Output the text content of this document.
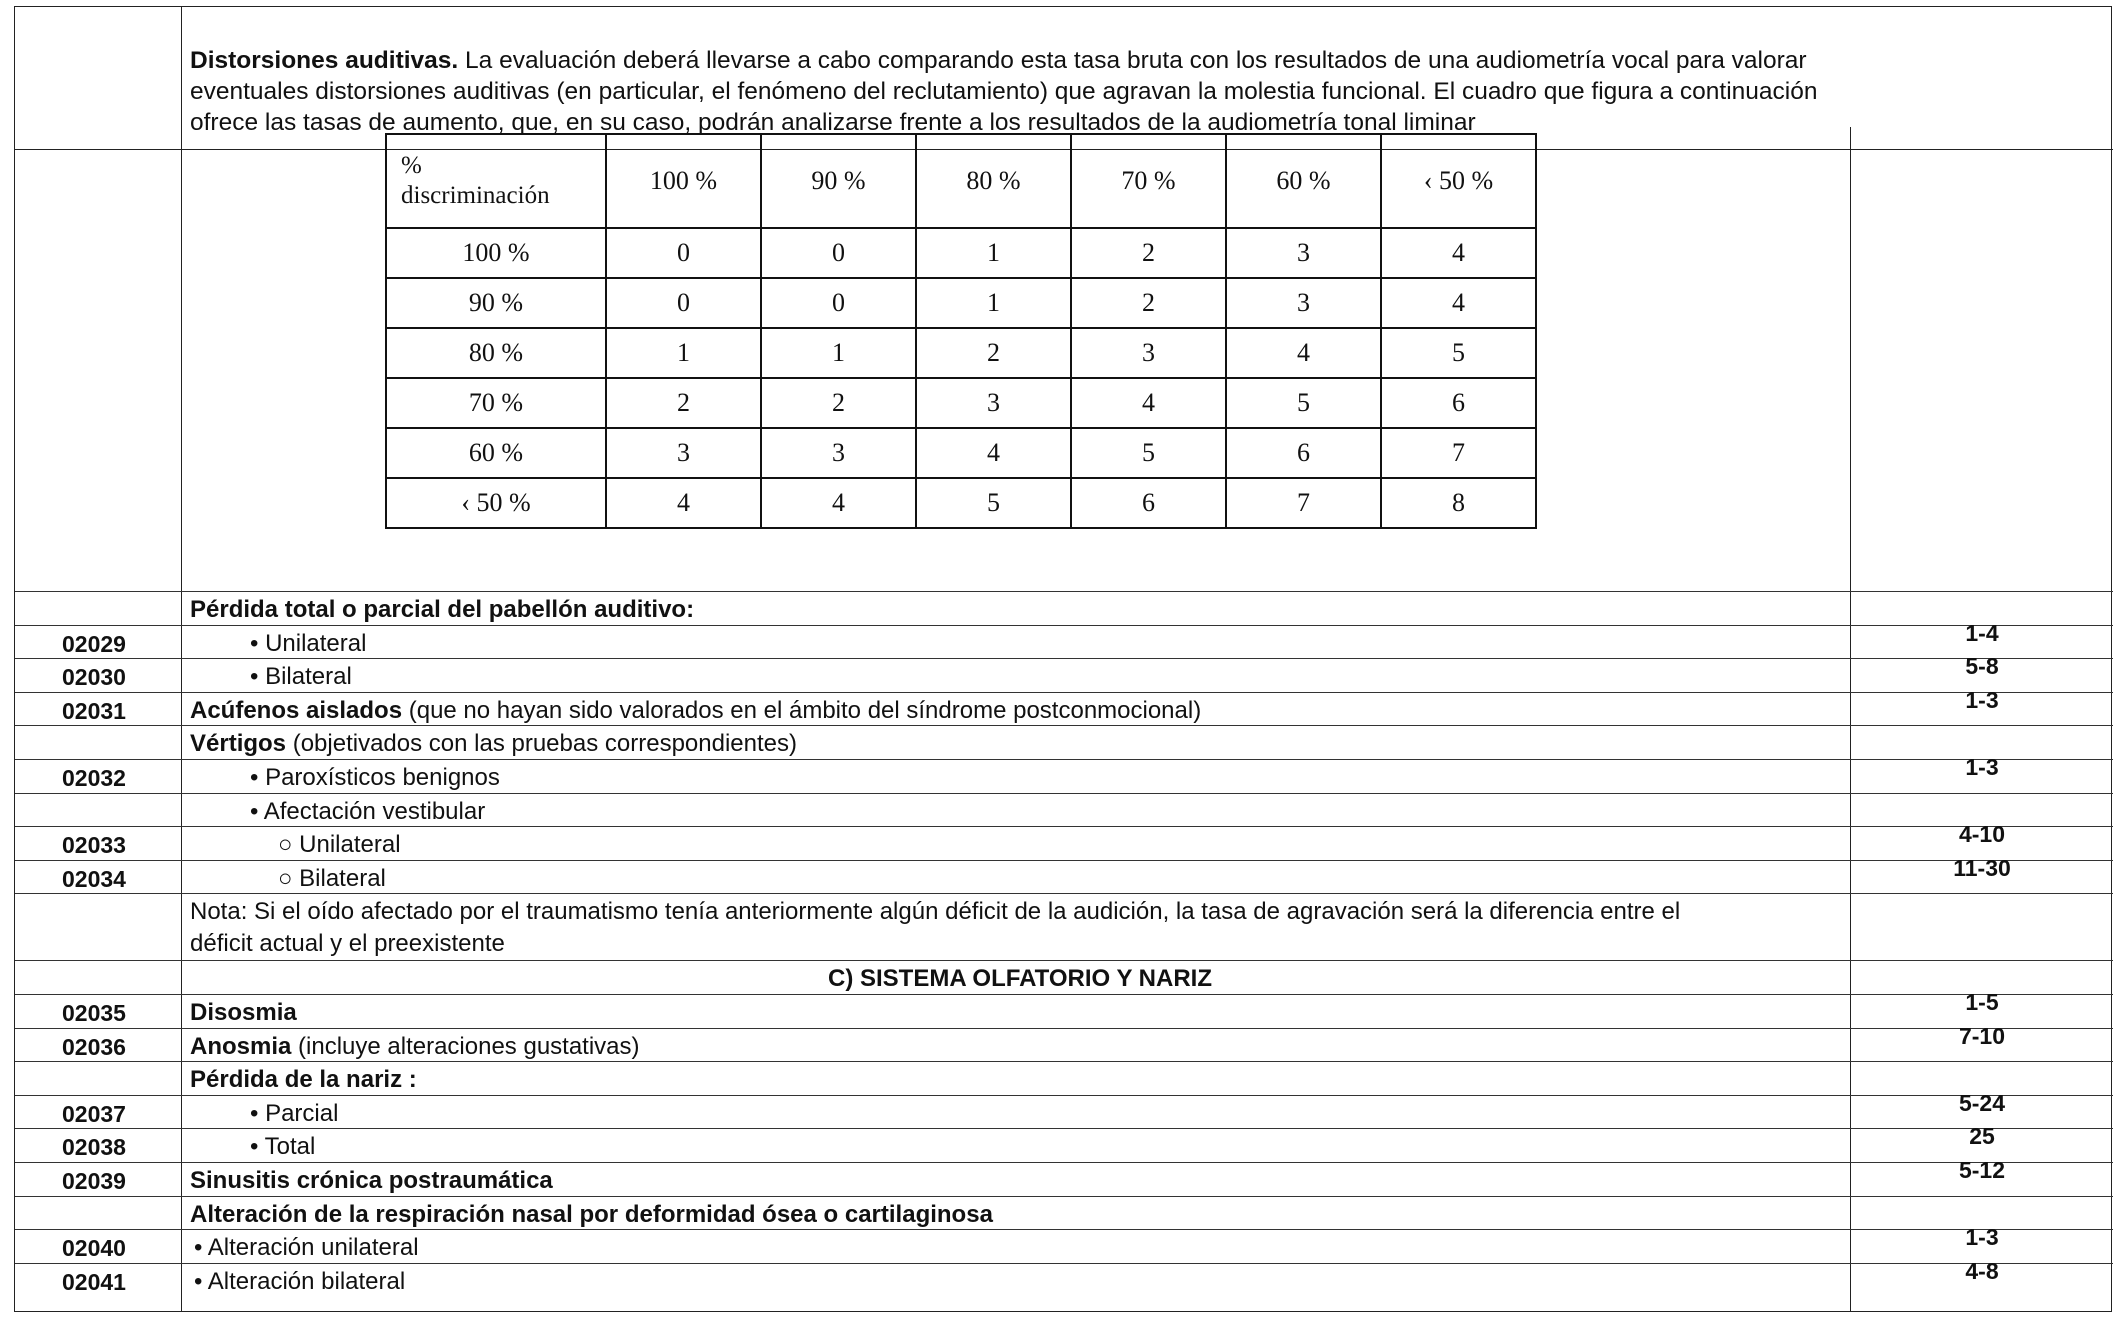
Distorsiones auditivas. La evaluación deberá llevarse a cabo comparando esta tasa bruta con los resultados de una audiometría vocal para valorar eventuales distorsiones auditivas (en particular, el fenómeno del reclutamiento) que agravan la molestia funcional. El cuadro que figura a continuación ofrece las tasas de aumento, que, en su caso, podrán analizarse frente a los resultados de la audiometría tonal liminar
%
discriminación	100 %	90 %	80 %	70 %	60 %	‹ 50 %
100 %	0	0	1	2	3	4
90 %	0	0	1	2	3	4
80 %	1	1	2	3	4	5
70 %	2	2	3	4	5	6
60 %	3	3	4	5	6	7
‹ 50 %	4	4	5	6	7	8
Pérdida total o parcial del pabellón auditivo:
02029	• Unilateral	1-4
02030	• Bilateral	5-8
02031	Acúfenos aislados (que no hayan sido valorados en el ámbito del síndrome postconmocional)	1-3
Vértigos (objetivados con las pruebas correspondientes)
02032	• Paroxísticos benignos	1-3
• Afectación vestibular
02033	○ Unilateral	4-10
02034	○ Bilateral	11-30
Nota: Si el oído afectado por el traumatismo tenía anteriormente algún déficit de la audición, la tasa de agravación será la diferencia entre el
déficit actual y el preexistente
C) SISTEMA OLFATORIO Y NARIZ
02035	Disosmia	1-5
02036	Anosmia (incluye alteraciones gustativas)	7-10
Pérdida de la nariz :
02037	• Parcial	5-24
02038	• Total	25
02039	Sinusitis crónica postraumática	5-12
Alteración de la respiración nasal por deformidad ósea o cartilaginosa
02040	• Alteración unilateral	1-3
02041	• Alteración bilateral	4-8
